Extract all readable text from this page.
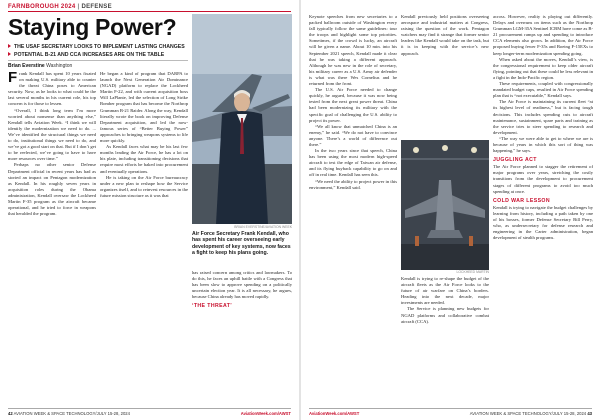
FARNBOROUGH 2024 | DEFENSE
Staying Power?
THE USAF SECRETARY LOOKS TO IMPLEMENT LASTING CHANGES
POTENTIAL B-21 AND CCA INCREASES ARE ON THE TABLE
Brian Everstine Washington

Frank Kendall has spent 10 years fixated on making U.S. military able to counter the threat China poses to American security. Now, as he looks to what could be the last several months in his current role, his top concern is for those to lessen.

“Overall, I think long term I’m more worried about nonsense than anything else,” Kendall tells Aviation Week. “I think we will identify the modernization we need to do. ... We’ve identified the structural things we need to do, institutional things we need to do, and we’ve got a good start on that. But if I don’t get to be reelected, we’ve going to have to have more resources over time.”

Perhaps no other senior Defense Department official in recent years has had as storied an impact on Pentagon modernization as Kendall. In his roughly seven years in acquisition roles during the Obama administration, Kendall oversaw the Lockheed Martin F-35 program as the aircraft became operational, and he tried to force in weapons that heralded the program.

He began a kind of program that DARPA to launch the Next Generation Air Dominance (NGAD) platform to replace the Lockheed Martin F-22, and with current acquisition boss Will LaPlante, led the selection of Long Strike Bomber program that has become the Northrop Grumman B-21 Raider. Along the way, Kendall literally wrote the book on improving Defense Department acquisition, and led the now-famous series of “Better Buying Power” approaches to bringing weapons systems to life more quickly.

As Kendall faces what may be his last few months leading the Air Force, he has a lot on his plate, including transitioning decisions that require most efforts be baked into procurement and eventually operations.

He is taking on the Air Force bureaucracy under a new plan to reshape how the Service organizes itself, and to reinvest resources in the future mission structure as it was that

BRIAN EVERSTINE/AVIATION WEEK
Air Force Secretary Frank Kendall, who has spent his career overseeing early development of key systems, now faces a fight to keep his plans going.

has raised concern among critics and lawmakers. To do this, he faces an uphill battle with a Congress that has been slow to approve spending on a politically uncertain election year. It is all necessary, he argues, because China already has moved rapidly.

‘THE THREAT’

42 AVIATION WEEK & SPACE TECHNOLOGY/JULY 15-28, 2024	AviationWeek.com/AWST

Keynote speeches from new secretaries to a packed ballroom outside of Washington every fall typically follow the same guidelines: tour the troops and highlight some top priorities. Sometimes, if the crowd is lucky, an aircraft will be given a name. About 10 min. into his September 2021 speech, Kendall made it clear that he was taking a different approach. Although he was new in the role of secretary, his military career as a U.S. Army air defender is what was there Wes Cornelius and he returned from the front.

The U.S. Air Force needed to change quickly, he argued, because it was now being tested from the next great power threat. China had been modernizing its military with the specific goal of challenging the U.S. ability to project its power.

“We all know that unmatched China is an enemy,” he said. “We do not have to convince anyone. There’s a world of difference out there.”

In the two years since that speech, China has been using the most modern high-speed aircraft to test the edge of Taiwan air defense, and its flying buyback capability to go on and off in real time. Kendall has seen this.

“We need the ability to project power in this environment,” Kendall said.

Kendall previously held positions overseeing aerospace and industrial matters at Congress, raising the question of the work. Pentagon watchers may find it strange that former senior leaders like Kendall would take on the task, but it is in keeping with the service’s new approach.

LOCKHEED MARTIN

Kendall is trying to re-shape the budget of the aircraft fleets as the Air Force looks to the future of air warfare on China’s borders. Heading into the next decade, major investments are needed.

The Service is planning new budgets for NGAD platforms and collaborative combat aircraft (CCA).

across. However, reality is playing out differently. Delays and overruns on items such as the Northrop Grumman LGM-35A Sentinel ICBM have come as B-21 procurement ramps up and spending to introduce CCA elements also grows. In addition, the Air Force proposed buying fewer F-35s and Boeing F-15EXs to keep longer-term modernization spending going.

When asked about the moves, Kendall’s view, is the congressional requirement to keep older aircraft flying, pointing out that these could be less relevant in a fight in the Indo-Pacific region.

These requirements, coupled with congressionally mandated budget caps, resulted in Air Force spending plan that is “not executable,” Kendall says.

The Air Force is maintaining its current fleet “at its highest level of readiness,” but is facing tough decisions. This includes spending cuts to aircraft maintenance, sustainment, spare parts and training as the service tries to steer spending to research and development.

“The way we were able to get to where we are is because of years in which this sort of thing was happening,” he says.

JUGGLING ACT

The Air Force planned to stagger the retirement of major programs over years, stretching the costly transitions from the development to procurement stages of different programs to avoid too much spending at once.

COLD WAR LESSON

Kendall is trying to navigate the budget challenges by learning from history, including a path taken by one of his bosses, former Defense Secretary Bill Perry, who, as undersecretary for defense research and engineering in the Carter administration, began development of stealth programs.

AviationWeek.com/AWST	AVIATION WEEK & SPACE TECHNOLOGY/JULY 15-28, 2024 43
